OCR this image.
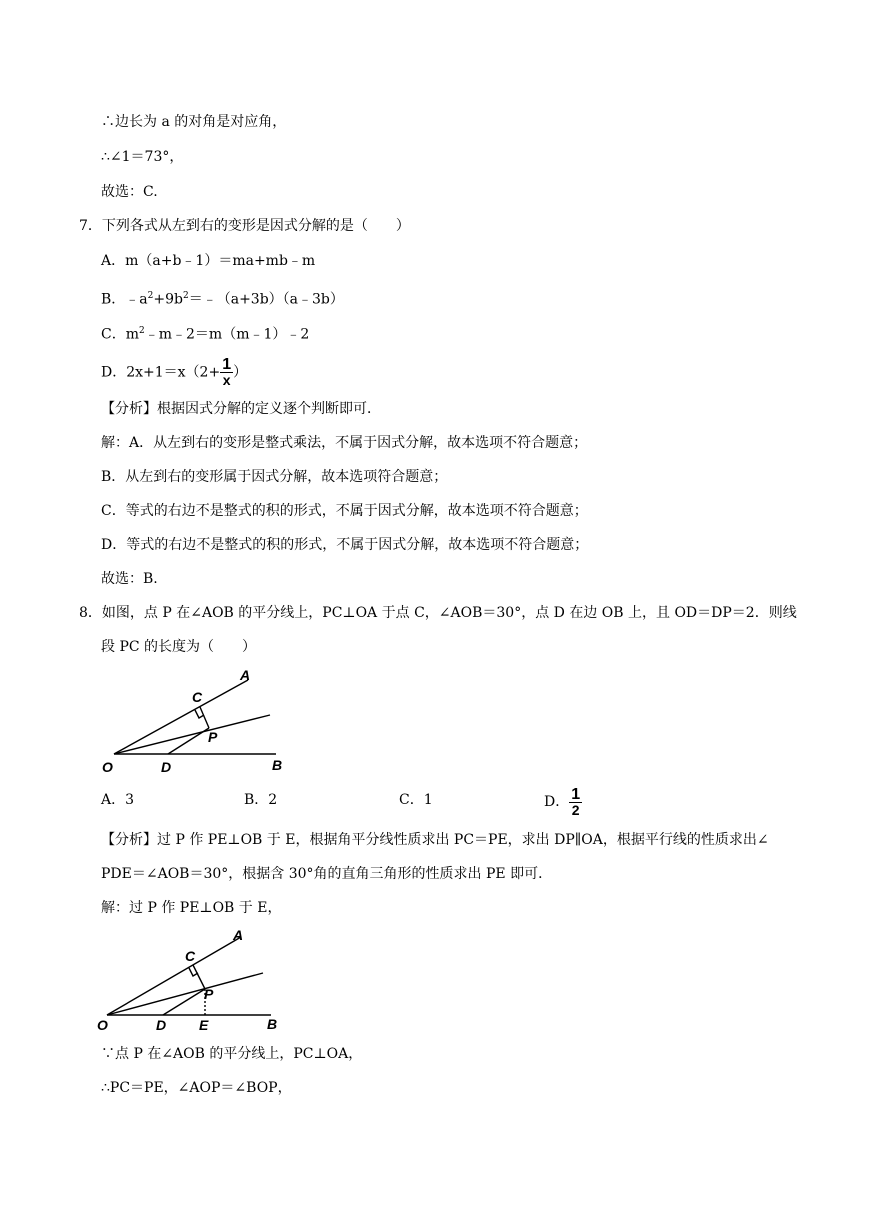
∴边长为 a 的对角是对应角，
∴∠1＝73°，
故选：C.
7．下列各式从左到右的变形是因式分解的是（　　）
A．m（a+b﹣1）＝ma+mb﹣m
B．$﹣a^2+9b^2=﹣(a+3b)(a﹣3b)$
C．$m^2﹣m﹣2=m(m﹣1)﹣2$
D．$2x+1=x(2+ \frac{1}{x}$ ）
【分析】根据因式分解的定义逐个判断即可．
解：A．从左到右的变形是整式乘法，不属于因式分解，故本选项不符合题意；
B．从左到右的变形属于因式分解，故本选项符合题意；
C．等式的右边不是整式的积的形式，不属于因式分解，故本选项不符合题意；
D．等式的右边不是整式的积的形式，不属于因式分解，故本选项不符合题意；
故选：B.
8．如图，点 P 在∠AOB 的平分线上，PC⊥OA 于点 C，∠AOB＝30°，点 D 在边 OB 上，且 OD＝DP＝2．则线
段 PC 的长度为（　　）
A
C
P
O	D	B
A．3	B．2	C．1	D． $\frac{1}{2}$
【分析】过 P 作 PE⊥OB 于 E，根据角平分线性质求出 PC＝PE，求出 DP∥OA，根据平行线的性质求出∠
PDE＝∠AOB＝30°，根据含 30°角的直角三角形的性质求出 PE 即可．
解：过 P 作 PE⊥OB 于 E，
A
C
P
O	D E	B
∵点 P 在∠AOB 的平分线上，PC⊥OA，
∴PC＝PE，∠AOP＝∠BOP，
